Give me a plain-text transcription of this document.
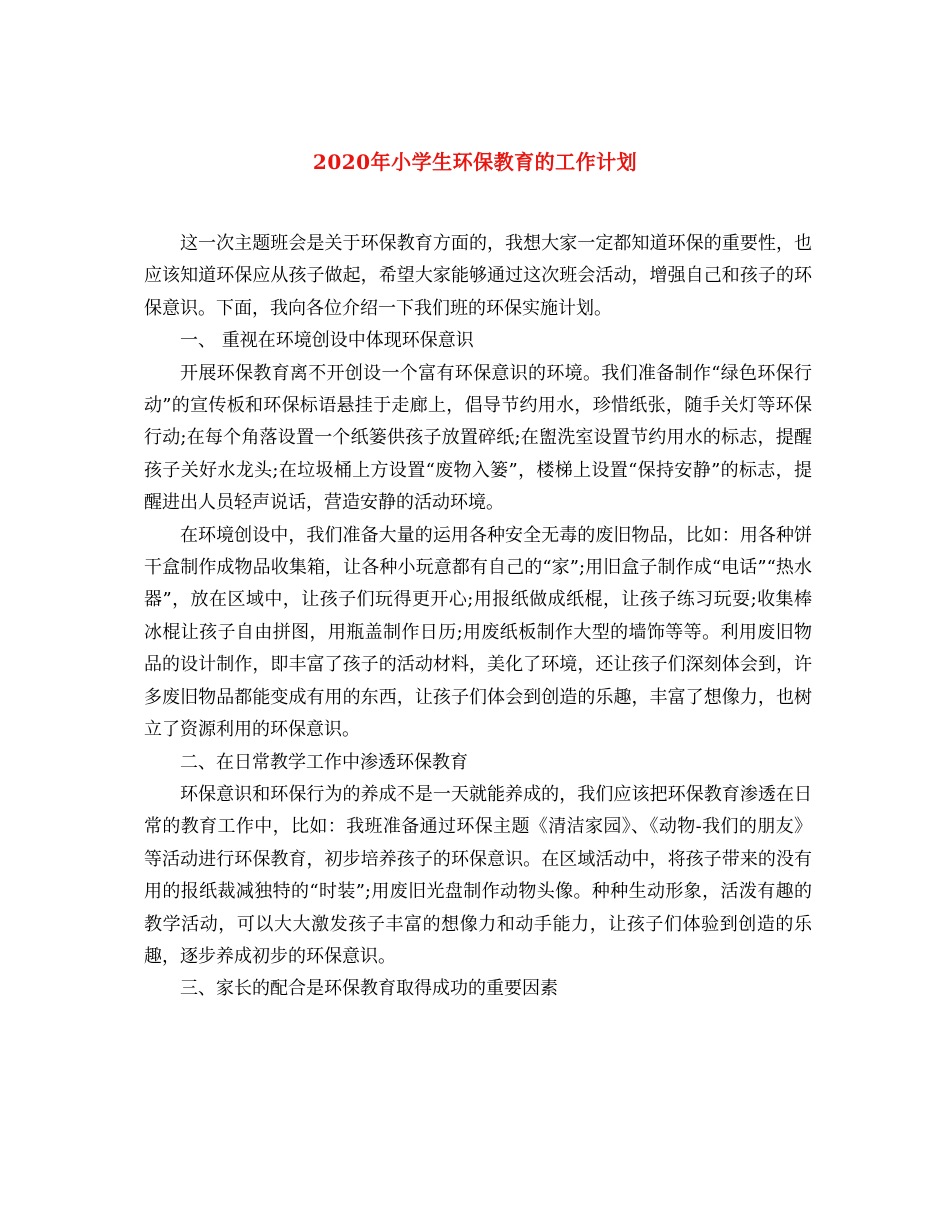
2020年小学生环保教育的工作计划

这一次主题班会是关于环保教育方面的，我想大家一定都知道环保的重要性，也应该知道环保应从孩子做起，希望大家能够通过这次班会活动，增强自己和孩子的环保意识。下面，我向各位介绍一下我们班的环保实施计划。

一、 重视在环境创设中体现环保意识

开展环保教育离不开创设一个富有环保意识的环境。我们准备制作“绿色环保行动”的宣传板和环保标语悬挂于走廊上，倡导节约用水，珍惜纸张，随手关灯等环保行动;在每个角落设置一个纸篓供孩子放置碎纸;在盥洗室设置节约用水的标志，提醒孩子关好水龙头;在垃圾桶上方设置“废物入篓”，楼梯上设置“保持安静”的标志，提醒进出人员轻声说话，营造安静的活动环境。

在环境创设中，我们准备大量的运用各种安全无毒的废旧物品，比如：用各种饼干盒制作成物品收集箱，让各种小玩意都有自己的“家”;用旧盒子制作成“电话”“热水器”，放在区域中，让孩子们玩得更开心;用报纸做成纸棍，让孩子练习玩耍;收集棒冰棍让孩子自由拼图，用瓶盖制作日历;用废纸板制作大型的墙饰等等。利用废旧物品的设计制作，即丰富了孩子的活动材料，美化了环境，还让孩子们深刻体会到，许多废旧物品都能变成有用的东西，让孩子们体会到创造的乐趣，丰富了想像力，也树立了资源利用的环保意识。

二、在日常教学工作中渗透环保教育

环保意识和环保行为的养成不是一天就能养成的，我们应该把环保教育渗透在日常的教育工作中，比如：我班准备通过环保主题《清洁家园》、《动物-我们的朋友》等活动进行环保教育，初步培养孩子的环保意识。在区域活动中，将孩子带来的没有用的报纸裁减独特的“时装”;用废旧光盘制作动物头像。种种生动形象，活泼有趣的教学活动，可以大大激发孩子丰富的想像力和动手能力，让孩子们体验到创造的乐趣，逐步养成初步的环保意识。

三、家长的配合是环保教育取得成功的重要因素
